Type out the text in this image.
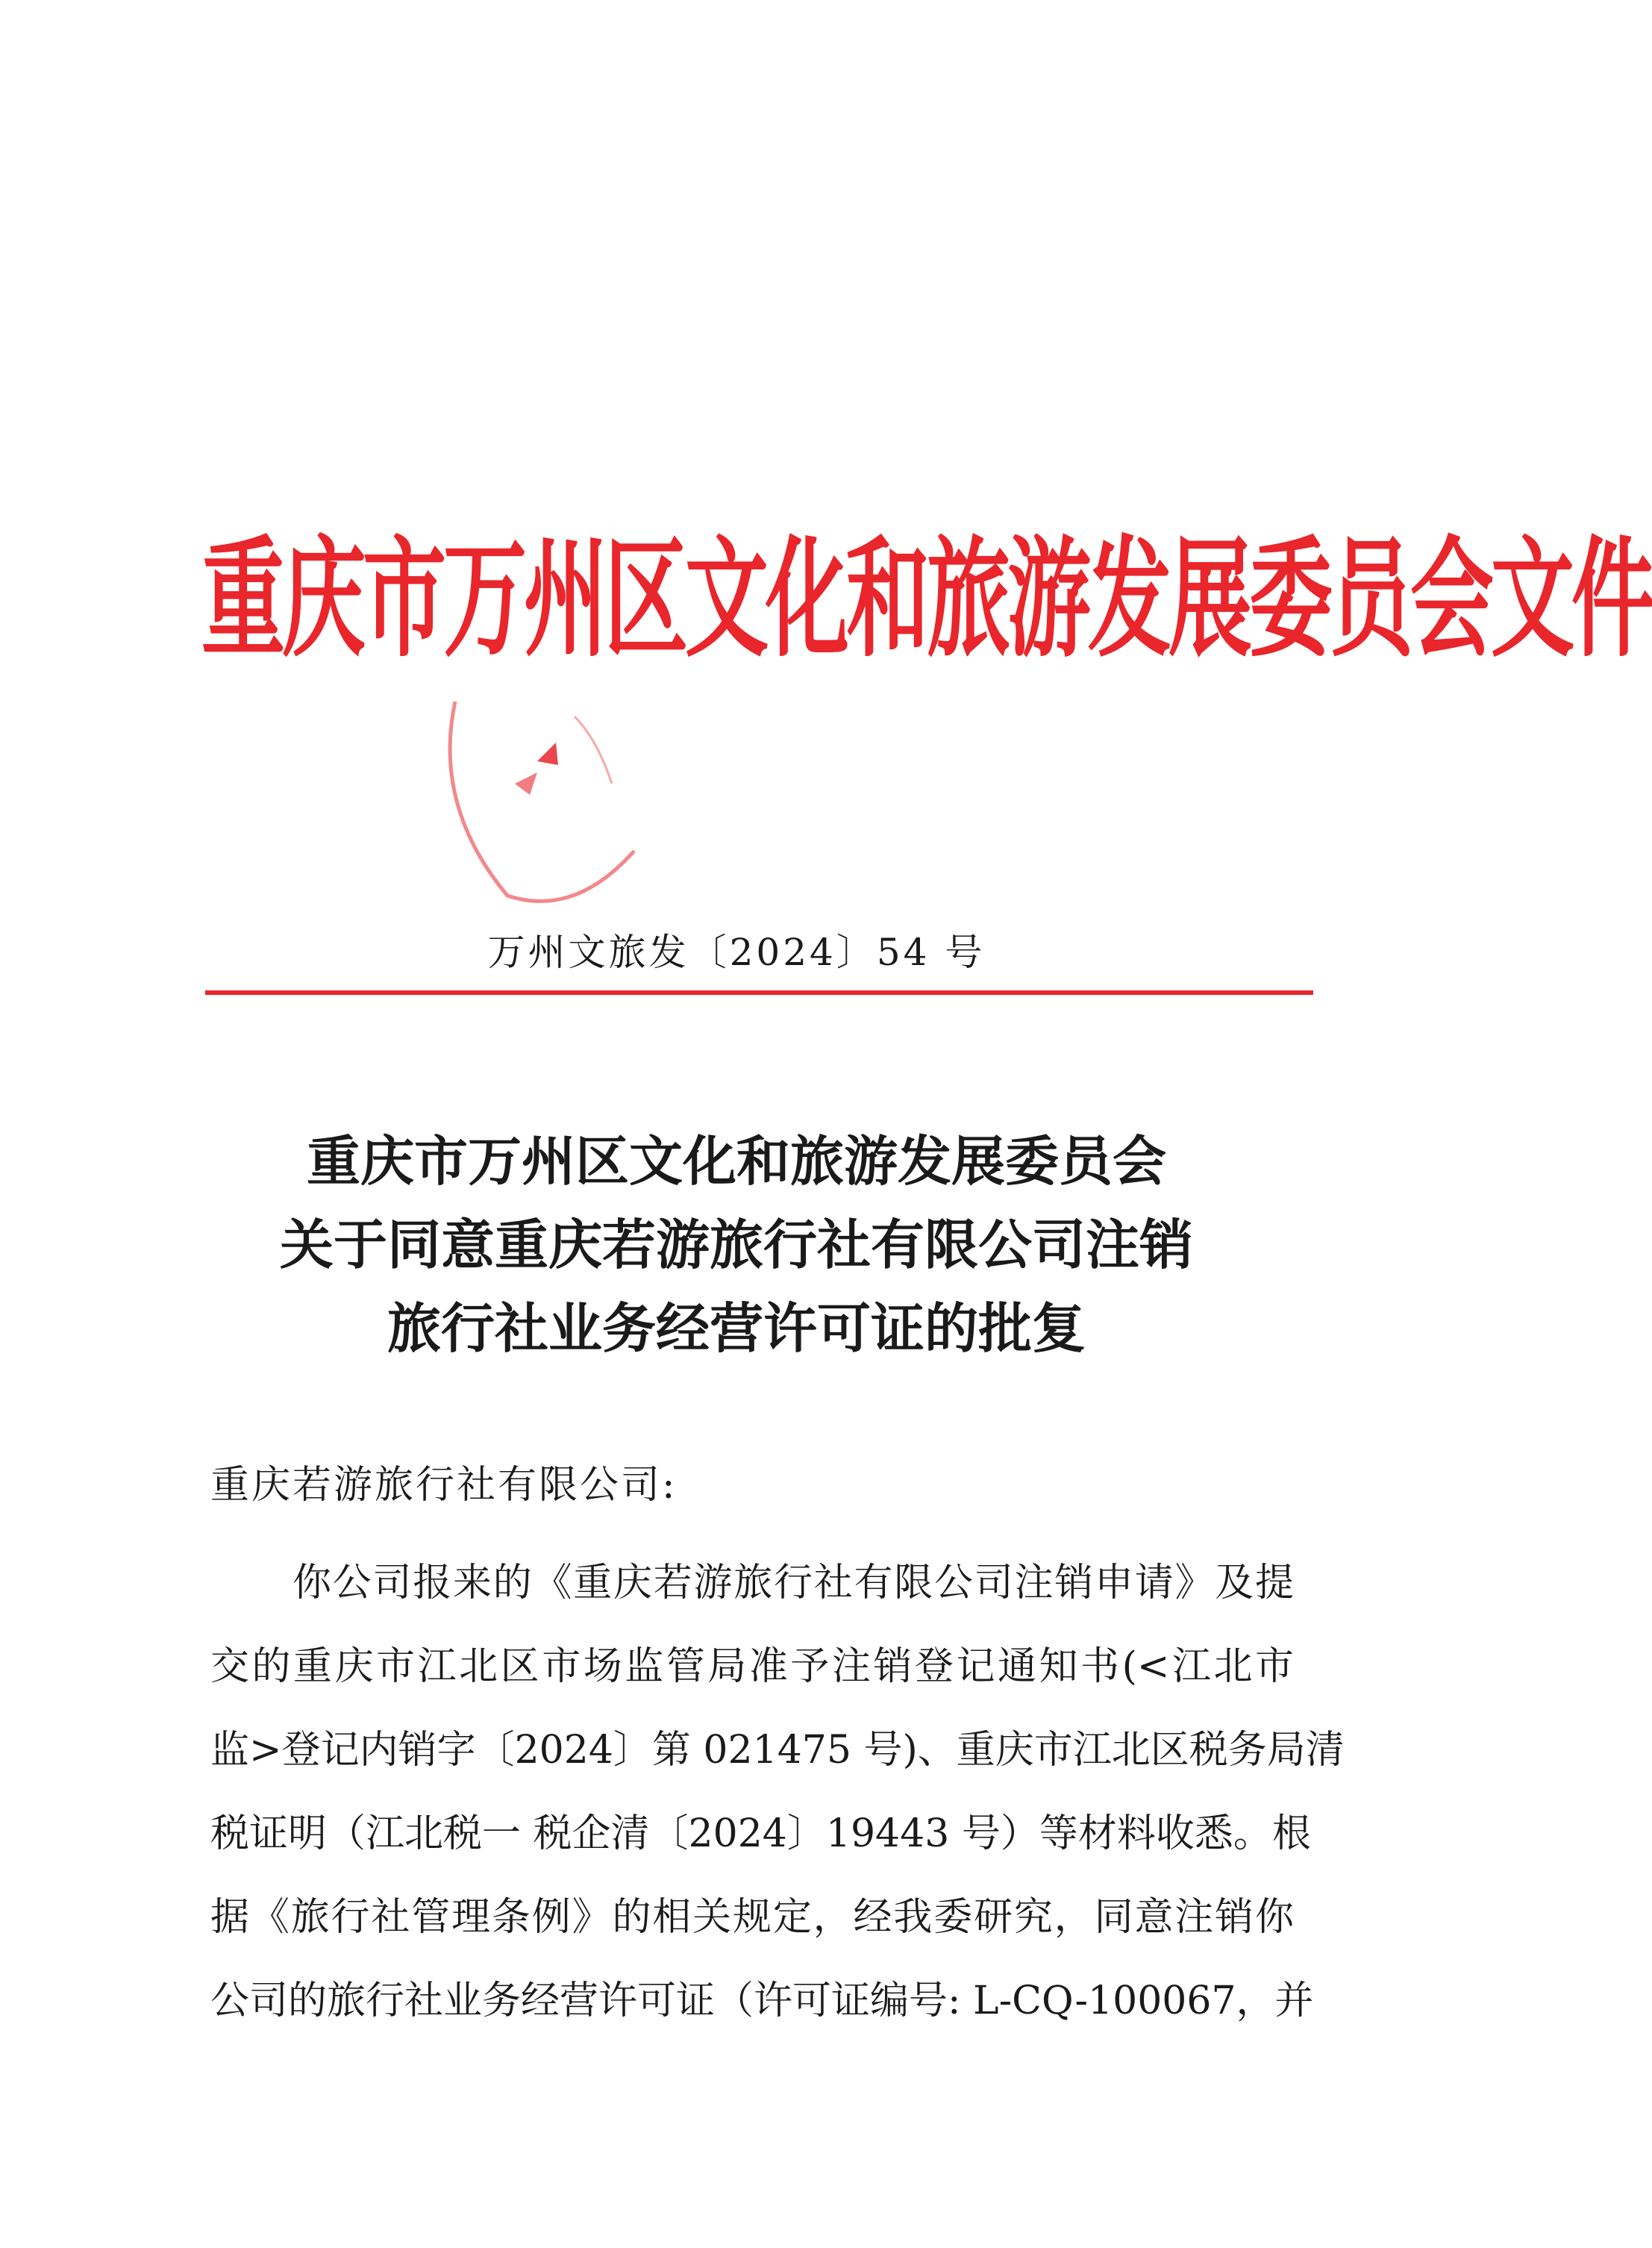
重庆市万州区文化和旅游发展委员会文件
万州文旅发〔2024〕54 号
重庆市万州区文化和旅游发展委员会
关于同意重庆若游旅行社有限公司注销
旅行社业务经营许可证的批复
重庆若游旅行社有限公司:
你公司报来的《重庆若游旅行社有限公司注销申请》及提
交的重庆市江北区市场监管局准予注销登记通知书(<江北市
监>登记内销字〔2024〕第 021475 号)、重庆市江北区税务局清
税证明（江北税一 税企清〔2024〕19443 号）等材料收悉。根
据《旅行社管理条例》的相关规定，经我委研究，同意注销你
公司的旅行社业务经营许可证（许可证编号: L-CQ-100067，并
